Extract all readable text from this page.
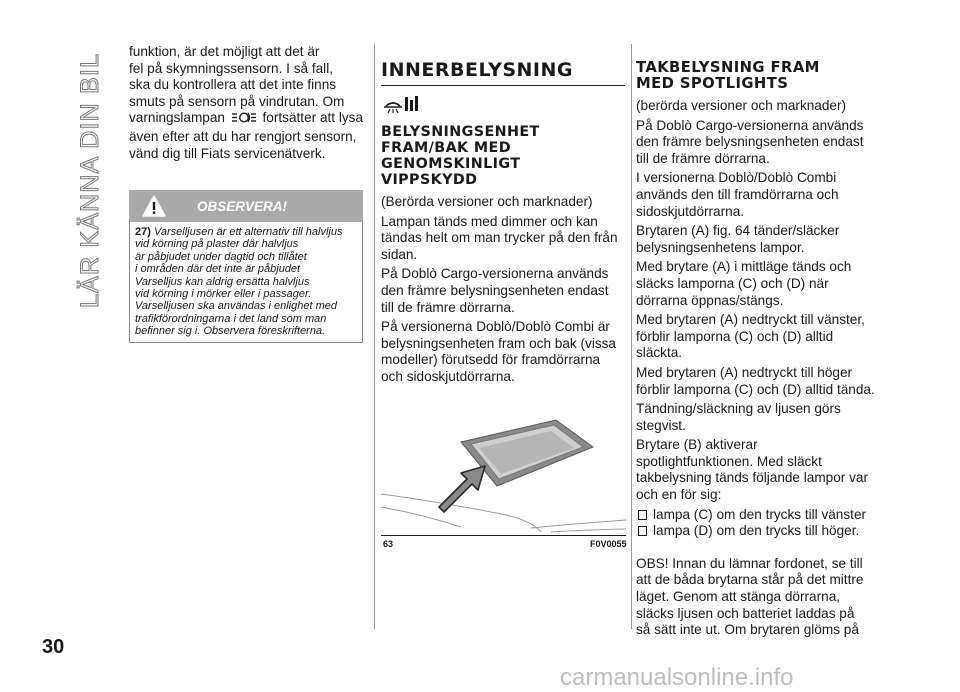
LÄR KÄNNA DIN BIL
funktion, är det möjligt att det är
fel på skymningssensorn. I så fall,
ska du kontrollera att det inte finns
smuts på sensorn på vindrutan. Om
varningslampan	fortsätter att lysa
även efter att du har rengjort sensorn,
vänd dig till Fiats servicenätverk.
OBSERVERA!
27) Varselljusen är ett alternativ till halvljus
vid körning på plaster där halvljus
är påbjudet under dagtid och tillåtet
i områden där det inte är påbjudet
Varselljus kan aldrig ersätta halvljus
vid körning i mörker eller i passager.
Varselljusen ska användas i enlighet med
trafikförordningarna i det land som man
befinner sig i. Observera föreskrifterna.
INNERBELYSNING
BELYSNINGSENHET
FRAM/BAK MED
GENOMSKINLIGT
VIPPSKYDD
(Berörda versioner och marknader)
Lampan tänds med dimmer och kan
tändas helt om man trycker på den från
sidan.
På Doblò Cargo-versionerna används
den främre belysningsenheten endast
till de främre dörrarna.
På versionerna Doblò/Doblò Combi är
belysningsenheten fram och bak (vissa
modeller) förutsedd för framdörrarna
och sidoskjutdörrarna.
63	F0V0055
TAKBELYSNING FRAM
MED SPOTLIGHTS
(berörda versioner och marknader)
På Doblò Cargo-versionerna används
den främre belysningsenheten endast
till de främre dörrarna.
I versionerna Doblò/Doblò Combi
används den till framdörrarna och
sidoskjutdörrarna.
Brytaren (A) fig. 64 tänder/släcker
belysningsenhetens lampor.
Med brytare (A) i mittläge tänds och
släcks lamporna (C) och (D) när
dörrarna öppnas/stängs.
Med brytaren (A) nedtryckt till vänster,
förblir lamporna (C) och (D) alltid
släckta.
Med brytaren (A) nedtryckt till höger
förblir lamporna (C) och (D) alltid tända.
Tändning/släckning av ljusen görs
stegvist.
Brytare (B) aktiverar
spotlightfunktionen. Med släckt
takbelysning tänds följande lampor var
och en för sig:
lampa (C) om den trycks till vänster
lampa (D) om den trycks till höger.
OBS! Innan du lämnar fordonet, se till
att de båda brytarna står på det mittre
läget. Genom att stänga dörrarna,
släcks ljusen och batteriet laddas på
så sätt inte ut. Om brytaren glöms på
30
carmanualsonline.info
